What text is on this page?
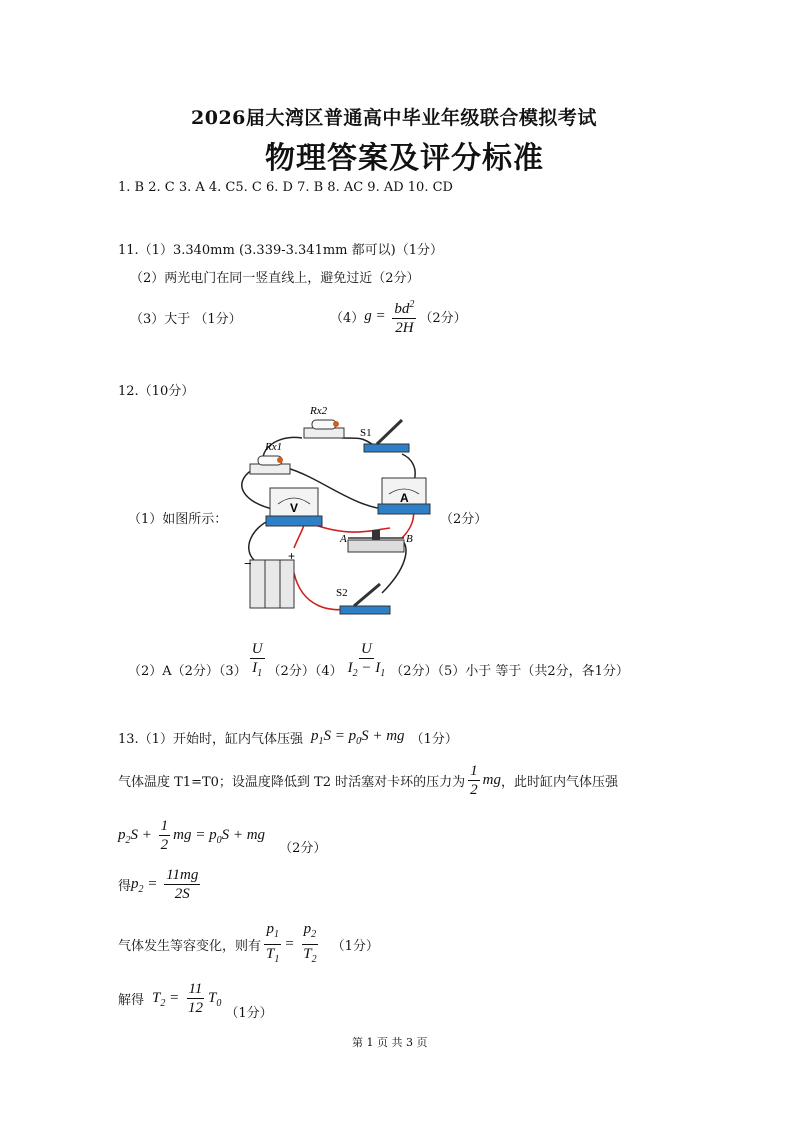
2026届大湾区普通高中毕业年级联合模拟考试
物理答案及评分标准
1. B 2. C 3. A 4. C5. C 6. D 7. B 8. AC 9. AD 10. CD
11.（1）3.340mm (3.339-3.341mm 都可以)（1分）
（2）两光电门在同一竖直线上，避免过近（2分）
（3）大于 （1分）	（4） $g = \frac{bd^2}{2H} (2$分）
12.（10分）
（1）如图所示：	（2分）
Rx2
S1
Rx1
V
A
A	B
−	+
S2
（2）A（2分）$(3) \frac{U}{I_1} (2$分）$(4) \frac{U}{I_2 - I_1} (2$分）（5）小于 等于（共2分，各1分）
13.（1）开始时，缸内气体压强 $p_1S = p_0S$ + mg （1分）
气体温度 T1=T0；设温度降低到 T2 时活塞对卡环的压力为 $\frac{1}{2}$ mg ，此时缸内气体压强
$p_2S + \frac{1}{2}$ mg = $p_0S$ + mg
（2分）
得 $p_2 = \frac{11mg}{2S}$
气体发生等容变化，则有 $\frac{p_1}{T_1} = \frac{p_2}{T_2} (1$分）
解得 $T_2 = \frac{11}{12} T_0$
（1分）
第 1 页 共 3 页
